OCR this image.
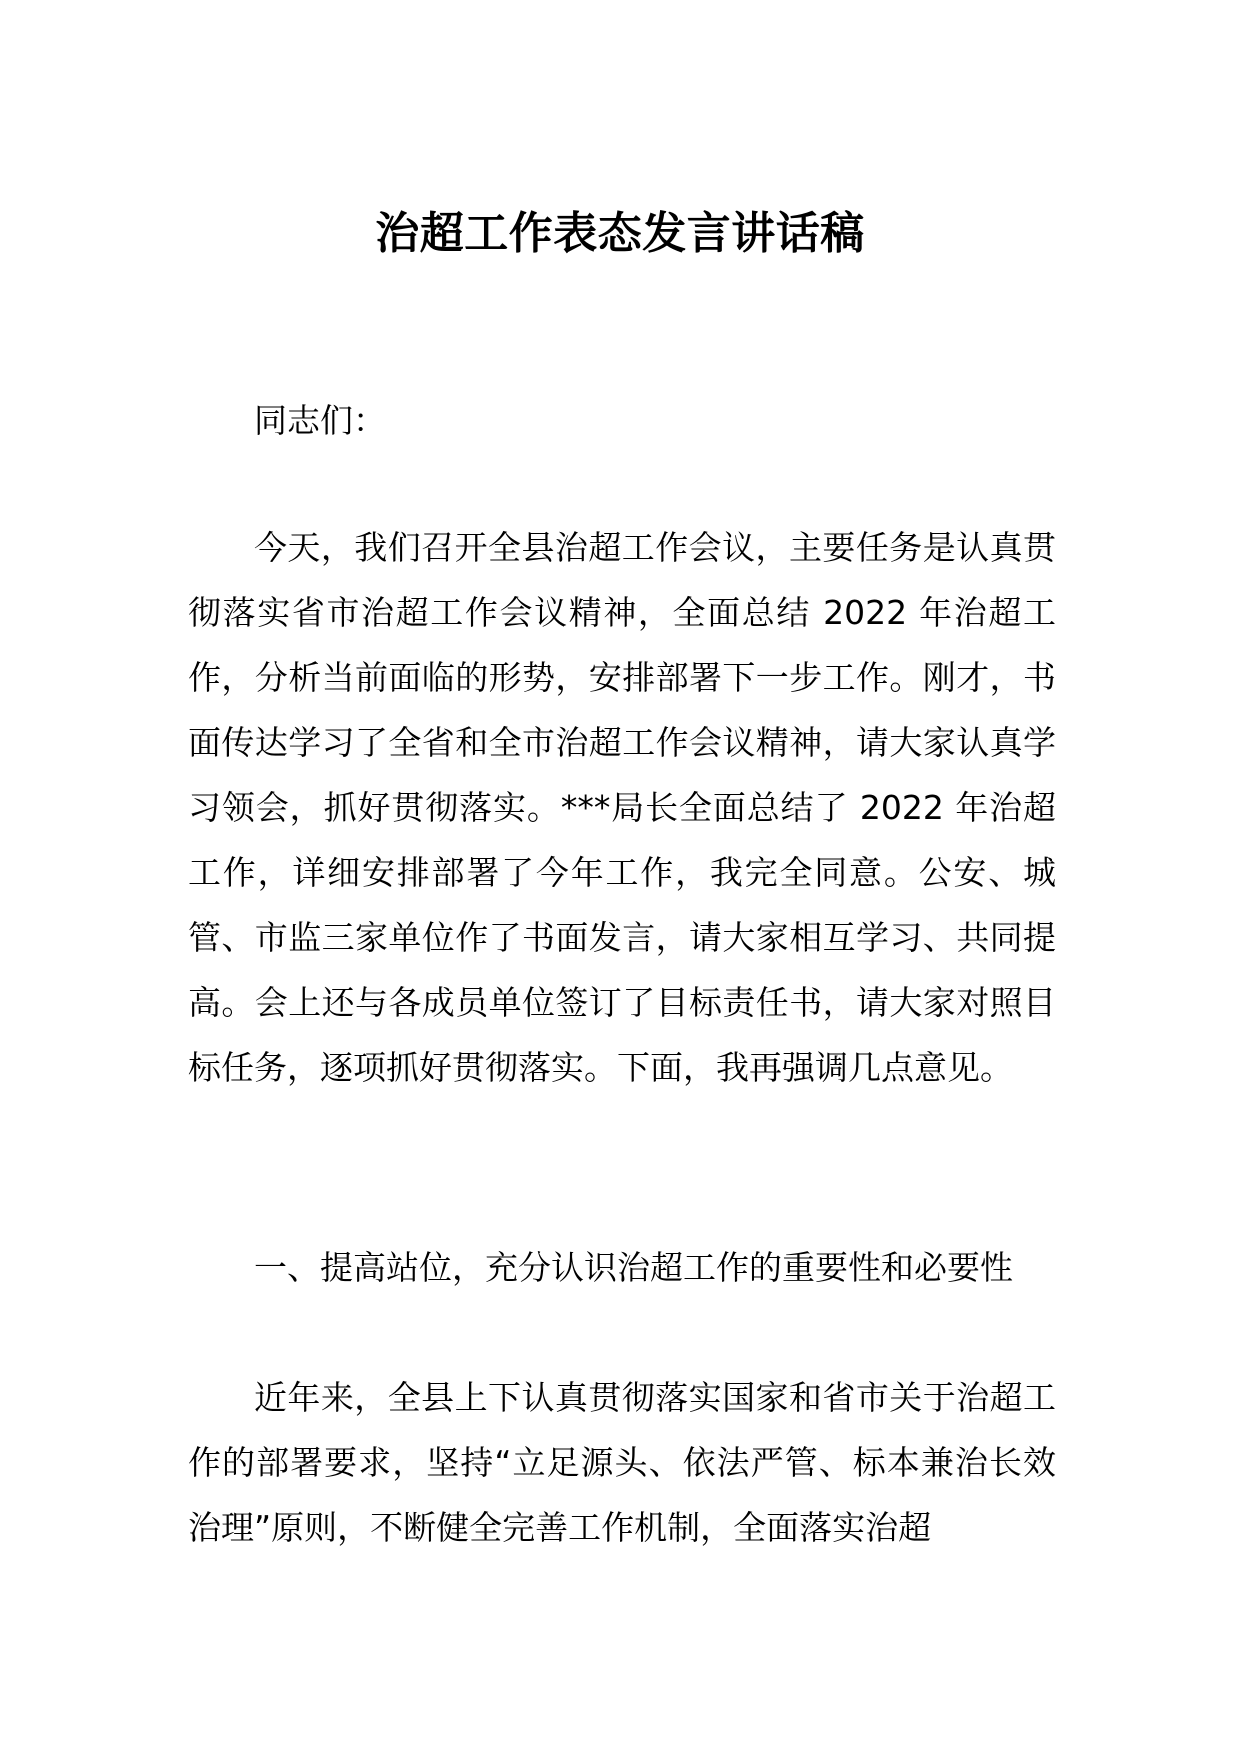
治超工作表态发言讲话稿

同志们：

今天，我们召开全县治超工作会议，主要任务是认真贯彻落实省市治超工作会议精神，全面总结 2022 年治超工作，分析当前面临的形势，安排部署下一步工作。刚才，书面传达学习了全省和全市治超工作会议精神，请大家认真学习领会，抓好贯彻落实。***局长全面总结了 2022 年治超工作，详细安排部署了今年工作，我完全同意。公安、城管、市监三家单位作了书面发言，请大家相互学习、共同提高。会上还与各成员单位签订了目标责任书，请大家对照目标任务，逐项抓好贯彻落实。下面，我再强调几点意见。

一、提高站位，充分认识治超工作的重要性和必要性

近年来，全县上下认真贯彻落实国家和省市关于治超工作的部署要求，坚持“立足源头、依法严管、标本兼治长效治理”原则，不断健全完善工作机制，全面落实治超
